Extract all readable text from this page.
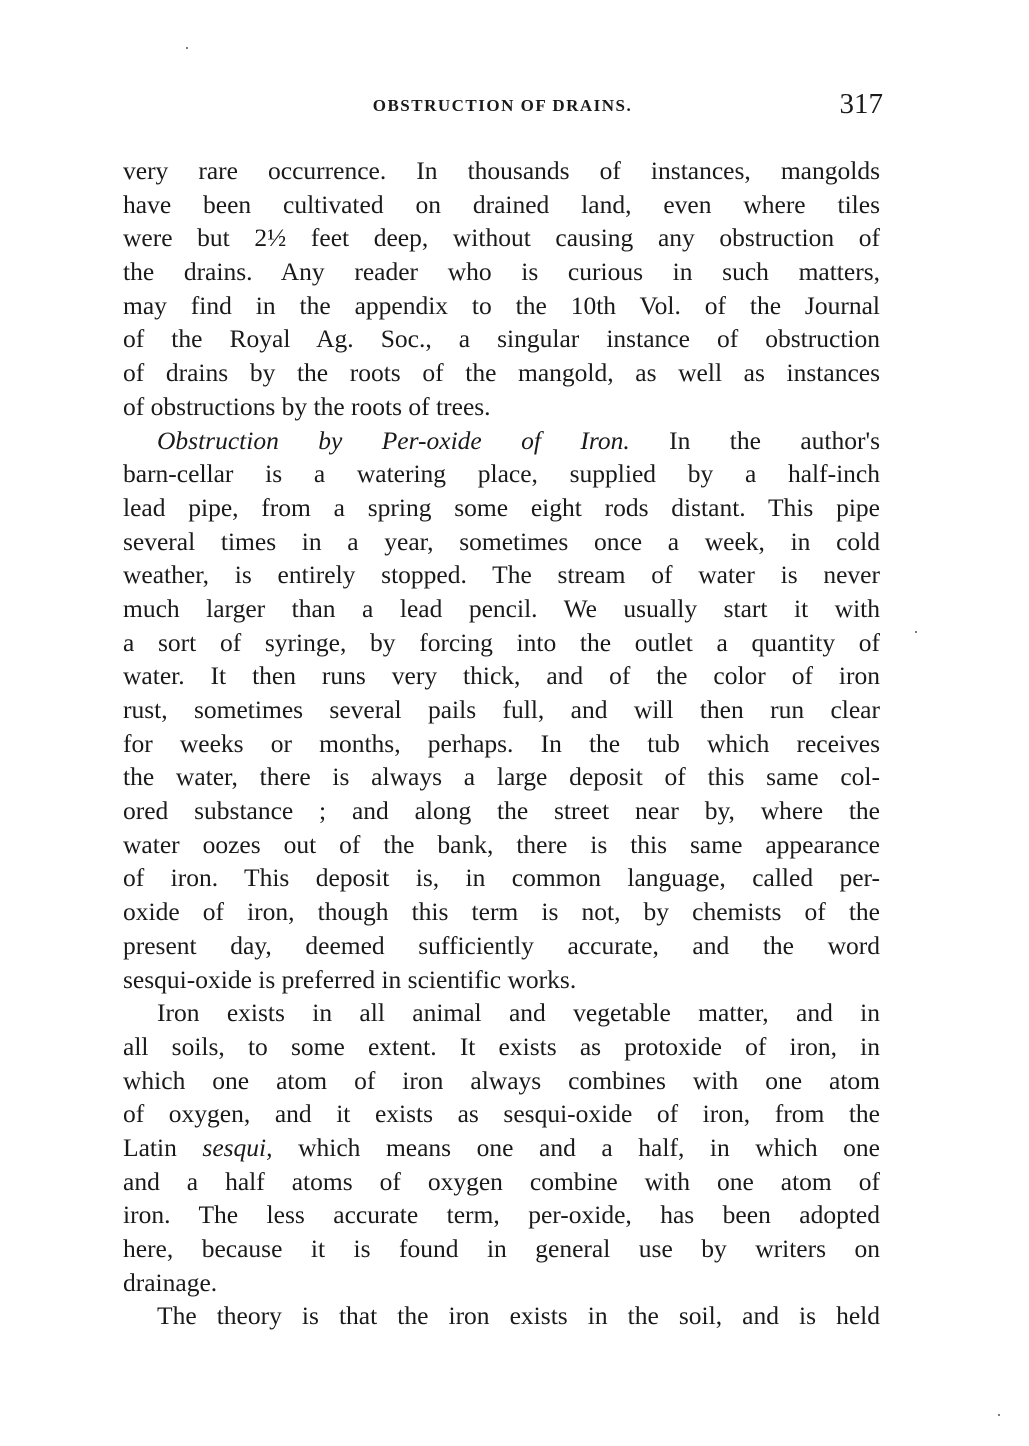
OBSTRUCTION OF DRAINS.	317
very rare occurrence. In thousands of instances, mangolds
have been cultivated on drained land, even where tiles
were but 2½ feet deep, without causing any obstruction of
the drains. Any reader who is curious in such matters,
may find in the appendix to the 10th Vol. of the Journal
of the Royal Ag. Soc., a singular instance of obstruction
of drains by the roots of the mangold, as well as instances
of obstructions by the roots of trees.
Obstruction by Per-oxide of Iron. In the author's
barn-cellar is a watering place, supplied by a half-inch
lead pipe, from a spring some eight rods distant. This pipe
several times in a year, sometimes once a week, in cold
weather, is entirely stopped. The stream of water is never
much larger than a lead pencil. We usually start it with
a sort of syringe, by forcing into the outlet a quantity of
water. It then runs very thick, and of the color of iron
rust, sometimes several pails full, and will then run clear
for weeks or months, perhaps. In the tub which receives
the water, there is always a large deposit of this same col-
ored substance ; and along the street near by, where the
water oozes out of the bank, there is this same appearance
of iron. This deposit is, in common language, called per-
oxide of iron, though this term is not, by chemists of the
present day, deemed sufficiently accurate, and the word
sesqui-oxide is preferred in scientific works.
Iron exists in all animal and vegetable matter, and in
all soils, to some extent. It exists as protoxide of iron, in
which one atom of iron always combines with one atom
of oxygen, and it exists as sesqui-oxide of iron, from the
Latin sesqui, which means one and a half, in which one
and a half atoms of oxygen combine with one atom of
iron. The less accurate term, per-oxide, has been adopted
here, because it is found in general use by writers on
drainage.
The theory is that the iron exists in the soil, and is held
